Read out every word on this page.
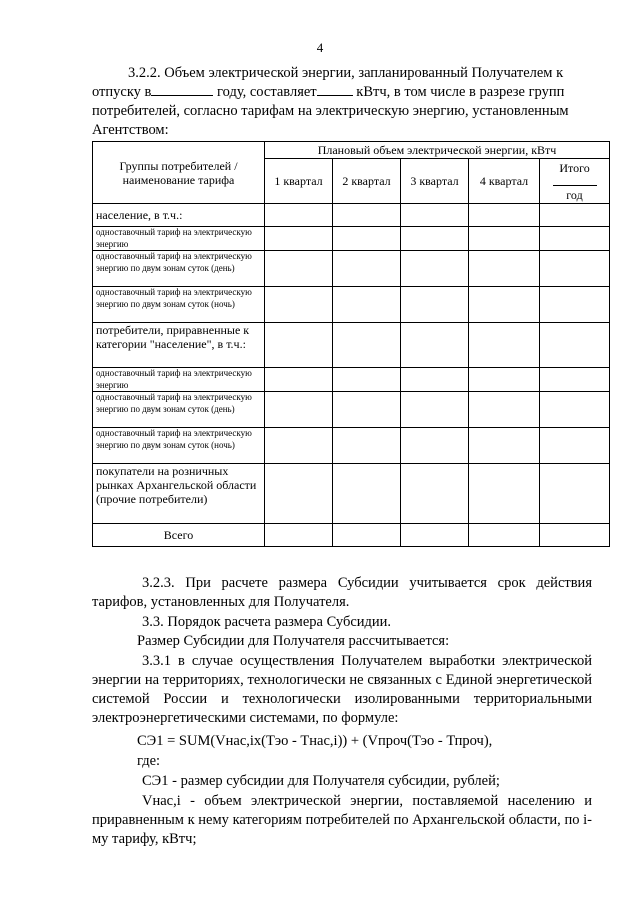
4
3.2.2. Объем электрической энергии, запланированный Получателем к
отпуску в	году, составляет	кВтч, в том числе в разрезе групп
потребителей, согласно тарифам на электрическую энергию, установленным
Агентством:
Группы потребителей / наименование тарифа	Плановый объем электрической энергии, кВтч				
	1 квартал	2 квартал	3 квартал	4 квартал	Итого
год
население, в т.ч.:					
одноставочный тариф на электрическую энергию					
одноставочный тариф на электрическую энергию по двум зонам суток (день)					
одноставочный тариф на электрическую энергию по двум зонам суток (ночь)					
потребители, приравненные к категории "население", в т.ч.:					
одноставочный тариф на электрическую энергию					
одноставочный тариф на электрическую энергию по двум зонам суток (день)					
одноставочный тариф на электрическую энергию по двум зонам суток (ночь)					
покупатели на розничных рынках Архангельской области (прочие потребители)					
Всего					
3.2.3. При расчете размера Субсидии учитывается срок действия тарифов, установленных для Получателя.
3.3. Порядок расчета размера Субсидии.
Размер Субсидии для Получателя рассчитывается:
3.3.1 в случае осуществления Получателем выработки электрической энергии на территориях, технологически не связанных с Единой энергетической системой России и технологически изолированными территориальными электроэнергетическими системами, по формуле:
СЭ1 = SUM(Vнас,iх(Тэо - Тнас,i)) + (Vпроч(Тэо - Тпроч),
где:
СЭ1 - размер субсидии для Получателя субсидии, рублей;
Vнас,i - объем электрической энергии, поставляемой населению и приравненным к нему категориям потребителей по Архангельской области, по i-му тарифу, кВтч;
